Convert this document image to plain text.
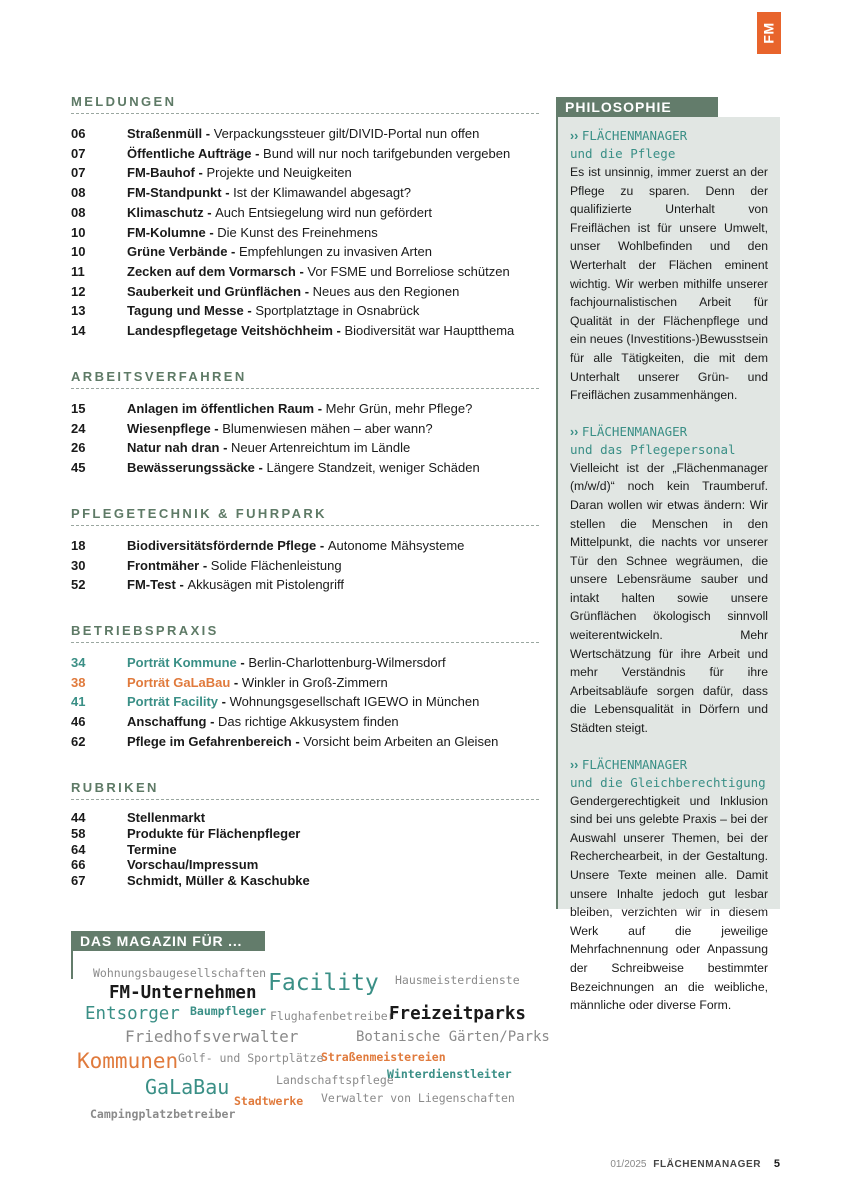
FM
MELDUNGEN
06	Straßenmüll - Verpackungssteuer gilt/DIVID-Portal nun offen
07	Öffentliche Aufträge - Bund will nur noch tarifgebunden vergeben
07	FM-Bauhof - Projekte und Neuigkeiten
08	FM-Standpunkt - Ist der Klimawandel abgesagt?
08	Klimaschutz - Auch Entsiegelung wird nun gefördert
10	FM-Kolumne - Die Kunst des Freinehmens
10	Grüne Verbände - Empfehlungen zu invasiven Arten
11	Zecken auf dem Vormarsch - Vor FSME und Borreliose schützen
12	Sauberkeit und Grünflächen - Neues aus den Regionen
13	Tagung und Messe - Sportplatztage in Osnabrück
14	Landespflegetage Veitshöchheim - Biodiversität war Hauptthema
ARBEITSVERFAHREN
15	Anlagen im öffentlichen Raum - Mehr Grün, mehr Pflege?
24	Wiesenpflege - Blumenwiesen mähen – aber wann?
26	Natur nah dran - Neuer Artenreichtum im Ländle
45	Bewässerungssäcke - Längere Standzeit, weniger Schäden
PFLEGETECHNIK & FUHRPARK
18	Biodiversitätsfördernde Pflege - Autonome Mähsysteme
30	Frontmäher - Solide Flächenleistung
52	FM-Test - Akkusägen mit Pistolengriff
BETRIEBSPRAXIS
34	Porträt Kommune - Berlin-Charlottenburg-Wilmersdorf
38	Porträt GaLaBau - Winkler in Groß-Zimmern
41	Porträt Facility - Wohnungsgesellschaft IGEWO in München
46	Anschaffung - Das richtige Akkusystem finden
62	Pflege im Gefahrenbereich - Vorsicht beim Arbeiten an Gleisen
RUBRIKEN
44	Stellenmarkt
58	Produkte für Flächenpfleger
64	Termine
66	Vorschau/Impressum
67	Schmidt, Müller & Kaschubke
PHILOSOPHIE
›› FLÄCHENMANAGER
und die Pflege

Es ist unsinnig, immer zuerst an der Pflege zu sparen. Denn der qualifizierte Unterhalt von Freiflächen ist für unsere Umwelt, unser Wohlbefinden und den Werterhalt der Flächen eminent wichtig. Wir werben mithilfe unserer fachjournalistischen Arbeit für Qualität in der Flächenpflege und ein neues (Investitions-)Bewusstsein für alle Tätigkeiten, die mit dem Unterhalt unserer Grün- und Freiflächen zusammenhängen.

›› FLÄCHENMANAGER
und das Pflegepersonal

Vielleicht ist der „Flächenmanager (m/w/d)“ noch kein Traumberuf. Daran wollen wir etwas ändern: Wir stellen die Menschen in den Mittelpunkt, die nachts vor unserer Tür den Schnee wegräumen, die unsere Lebensräume sauber und intakt halten sowie unsere Grünflächen ökologisch sinnvoll weiterentwickeln. Mehr Wertschätzung für ihre Arbeit und mehr Verständnis für ihre Arbeitsabläufe sorgen dafür, dass die Lebensqualität in Dörfern und Städten steigt.

›› FLÄCHENMANAGER
und die Gleichberechtigung

Gendergerechtigkeit und Inklusion sind bei uns gelebte Praxis – bei der Auswahl unserer Themen, bei der Recherchearbeit, in der Gestaltung. Unsere Texte meinen alle. Damit unsere Inhalte jedoch gut lesbar bleiben, verzichten wir in diesem Werk auf die jeweilige Mehrfachnennung oder Anpassung der Schreibweise bestimmter Bezeichnungen an die weibliche, männliche oder diverse Form.

DAS MAGAZIN FÜR ...
Wohnungsbaugesellschaften Facility Hausmeisterdienste
FM-Unternehmen
Baumpfleger Flughafenbetreiber
Freizeitparks
Entsorger
Friedhofsverwalter	Botanische Gärten/Parks
Kommunen Golf- und Sportplätze
Straßenmeistereien
GaLaBau	Landschaftspflege
Winterdienstleiter
Stadtwerke Verwalter von Liegenschaften
Campingplatzbetreiber
01/2025 FLÄCHENMANAGER 5
